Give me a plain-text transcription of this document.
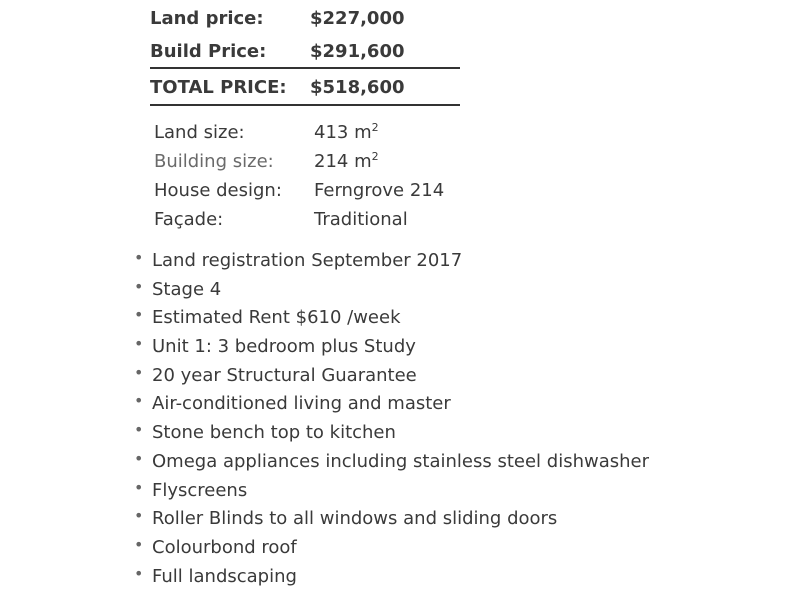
Land price:	$227,000
Build Price: $291,600
TOTAL PRICE: $518,600
Land size:	413 $m^2$
Building size: 214 $m^2$
House design: Ferngrove 214
Façade:	Traditional
• Land registration September 2017
• Stage 4
• Estimated Rent $610 /week
• Unit 1: 3 bedroom plus Study
• 20 year Structural Guarantee
• Air-conditioned living and master
• Stone bench top to kitchen
• Omega appliances including stainless steel dishwasher
• Flyscreens
• Roller Blinds to all windows and sliding doors
• Colourbond roof
• Full landscaping
